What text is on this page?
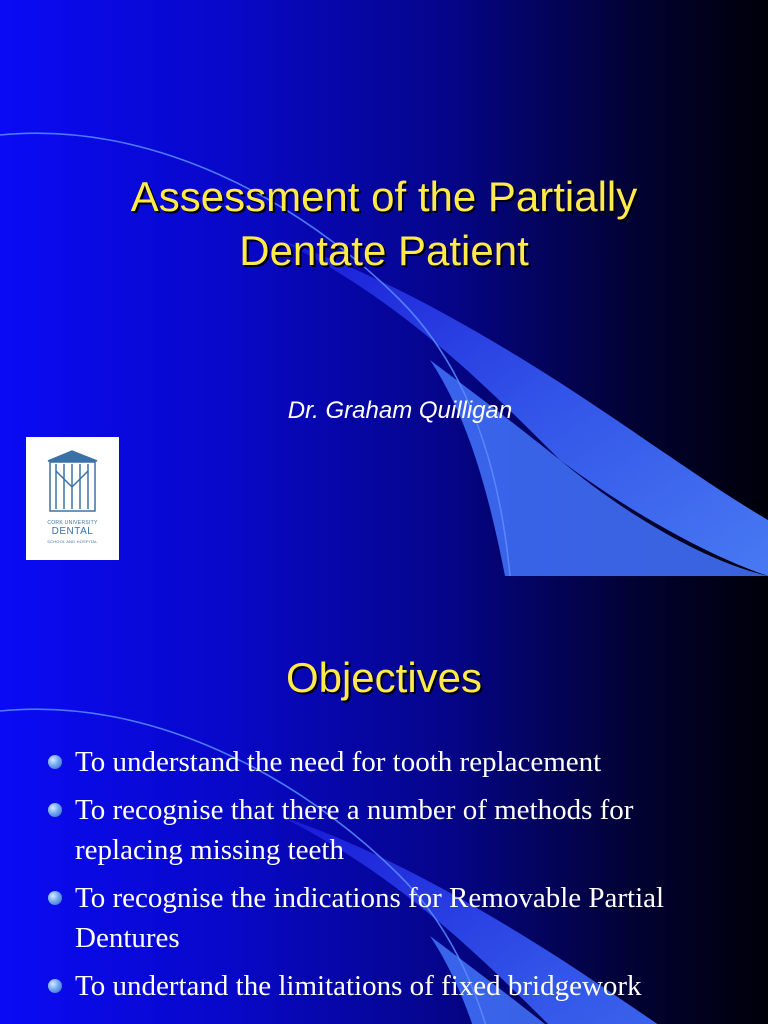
Assessment of the Partially
Dentate Patient
Dr. Graham Quilligan
CORK UNIVERSITY
DENTAL
SCHOOL AND HOSPITAL
Objectives
To understand the need for tooth replacement
To recognise that there a number of methods for replacing missing teeth
To recognise the indications for Removable Partial Dentures
To undertand the limitations of fixed bridgework
